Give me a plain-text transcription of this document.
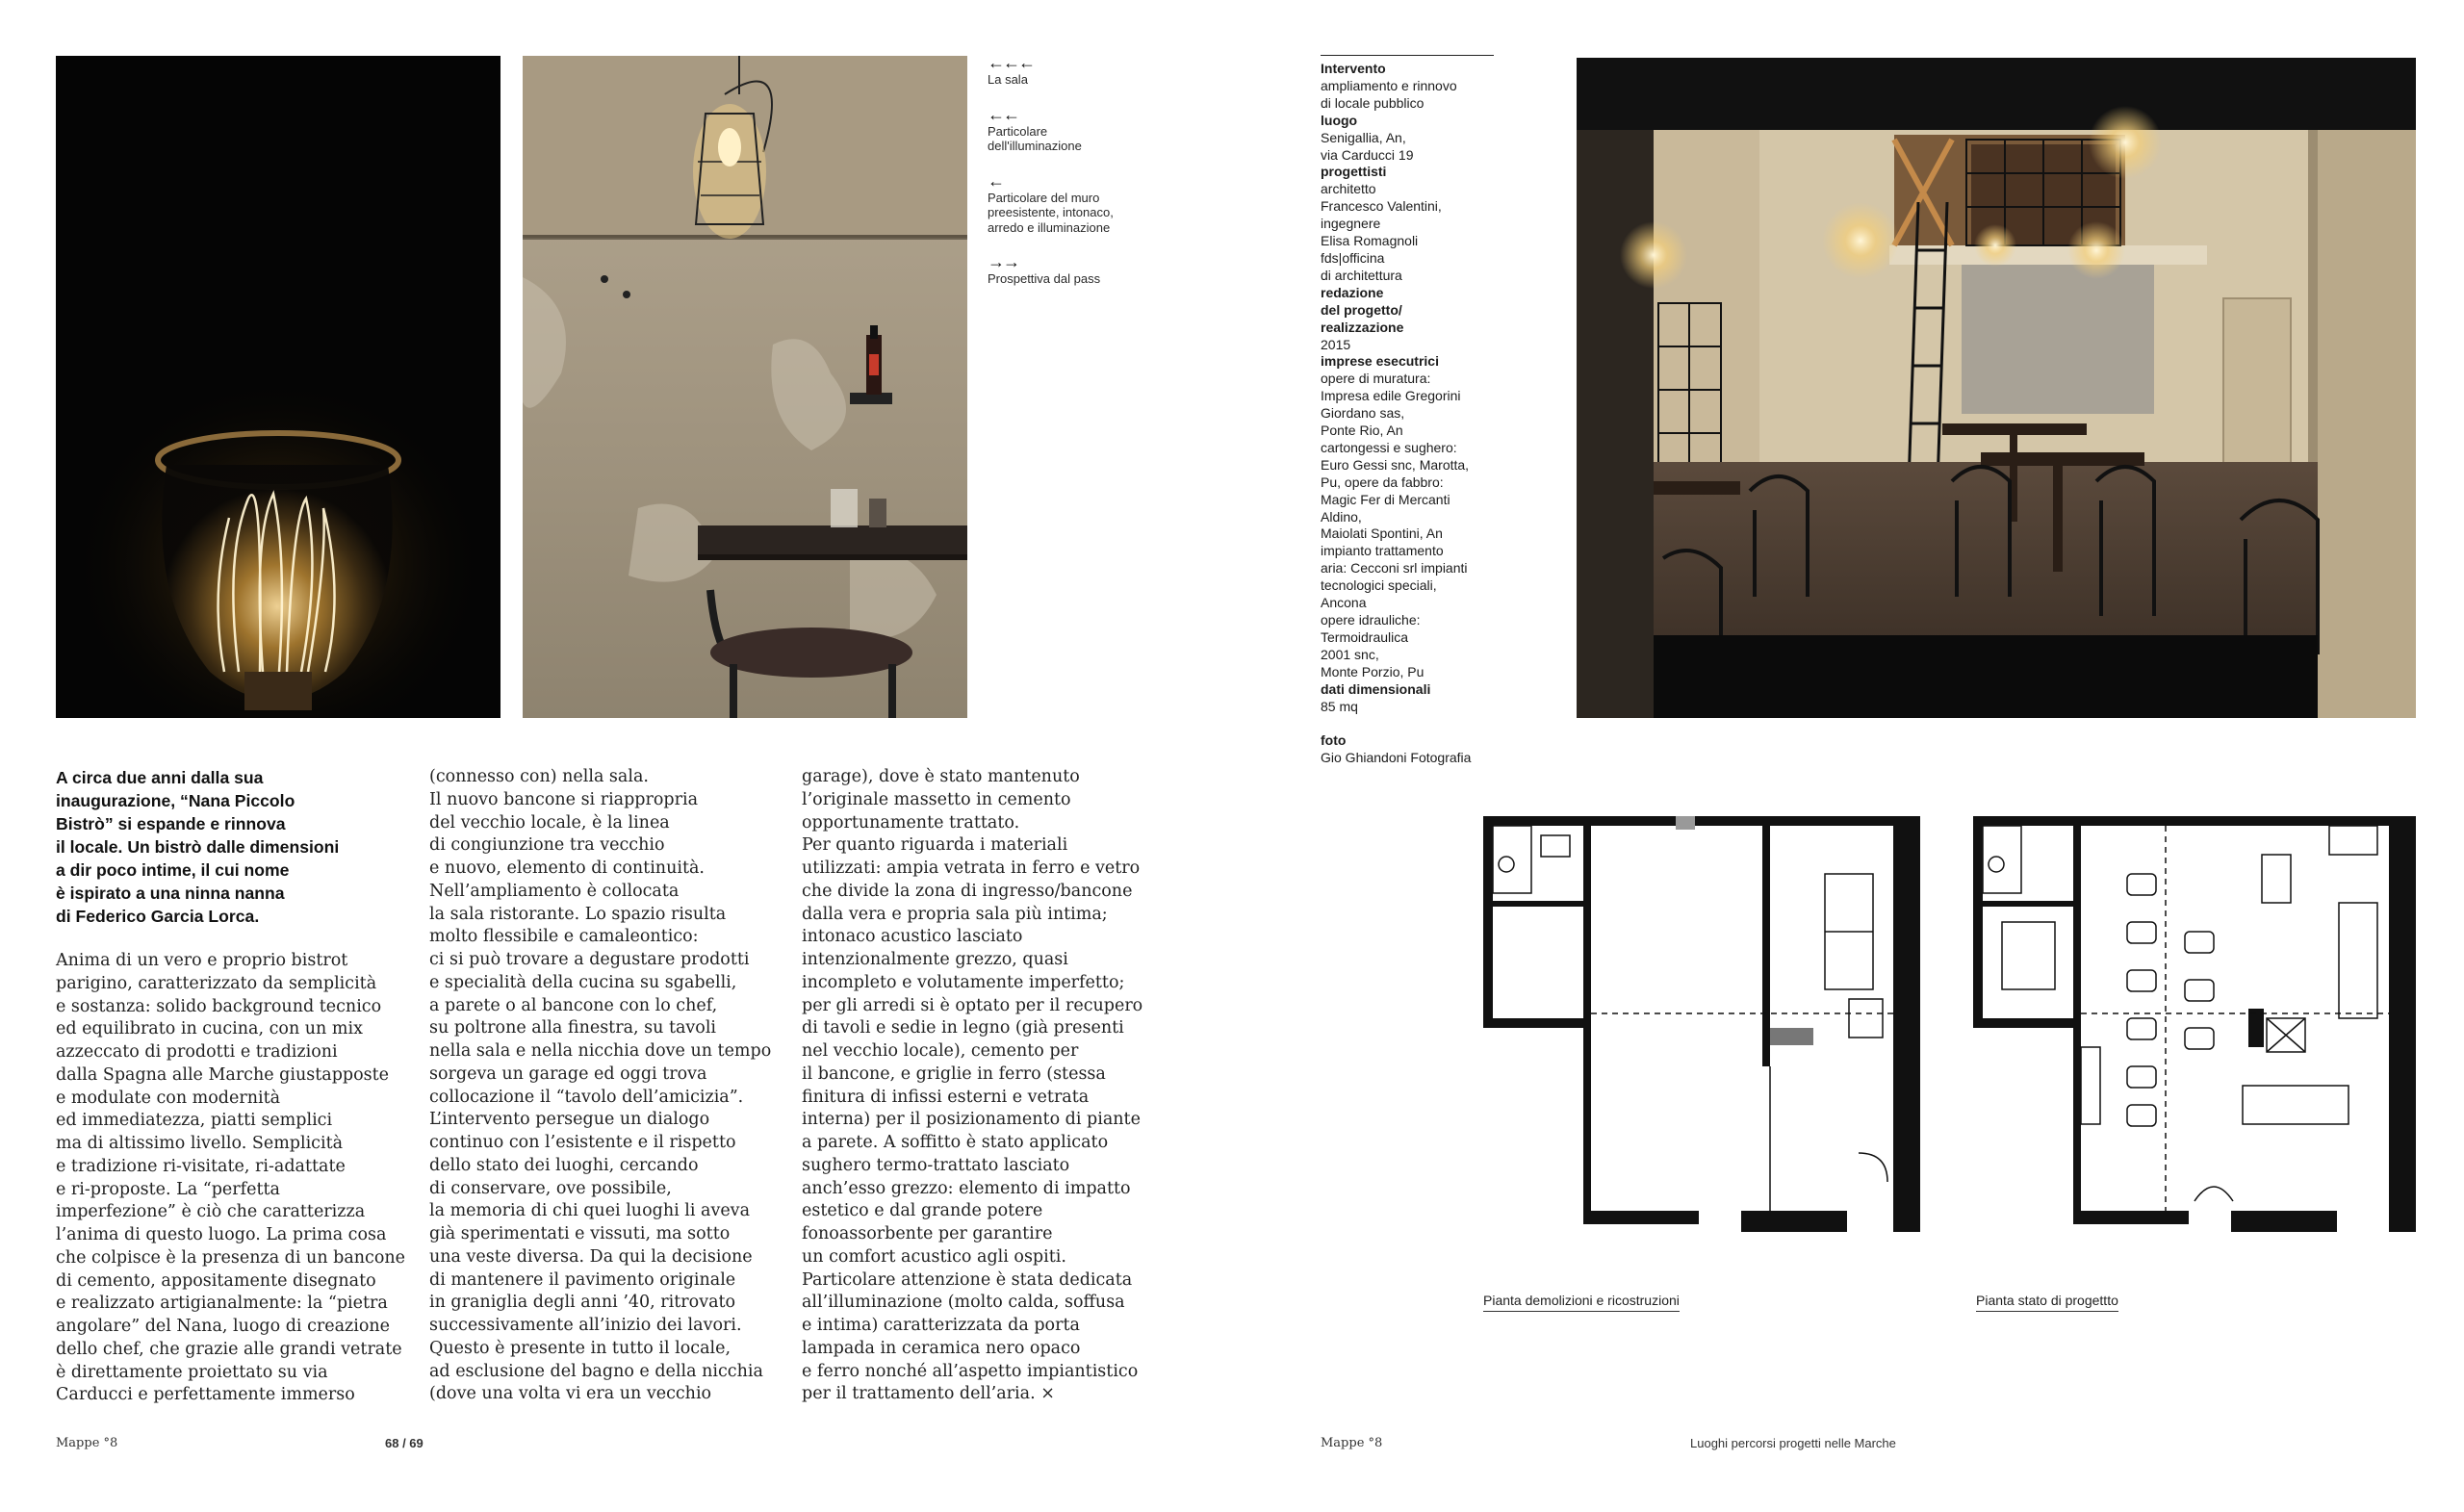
←←←
La sala
←←
Particolare
dell'illuminazione
←
Particolare del muro
preesistente, intonaco,
arredo e illuminazione
→→
Prospettiva dal pass
A circa due anni dalla sua
inaugurazione, “Nana Piccolo
Bistrò” si espande e rinnova
il locale. Un bistrò dalle dimensioni
a dir poco intime, il cui nome
è ispirato a una ninna nanna
di Federico Garcia Lorca.
Anima di un vero e proprio bistrot
parigino, caratterizzato da semplicità
e sostanza: solido background tecnico
ed equilibrato in cucina, con un mix
azzeccato di prodotti e tradizioni
dalla Spagna alle Marche giustapposte
e modulate con modernità
ed immediatezza, piatti semplici
ma di altissimo livello. Semplicità
e tradizione ri-visitate, ri-adattate
e ri-proposte. La “perfetta
imperfezione” è ciò che caratterizza
l’anima di questo luogo. La prima cosa
che colpisce è la presenza di un bancone
di cemento, appositamente disegnato
e realizzato artigianalmente: la “pietra
angolare” del Nana, luogo di creazione
dello chef, che grazie alle grandi vetrate
è direttamente proiettato su via
Carducci e perfettamente immerso
(connesso con) nella sala.
Il nuovo bancone si riappropria
del vecchio locale, è la linea
di congiunzione tra vecchio
e nuovo, elemento di continuità.
Nell’ampliamento è collocata
la sala ristorante. Lo spazio risulta
molto flessibile e camaleontico:
ci si può trovare a degustare prodotti
e specialità della cucina su sgabelli,
a parete o al bancone con lo chef,
su poltrone alla finestra, su tavoli
nella sala e nella nicchia dove un tempo
sorgeva un garage ed oggi trova
collocazione il “tavolo dell’amicizia”.
L’intervento persegue un dialogo
continuo con l’esistente e il rispetto
dello stato dei luoghi, cercando
di conservare, ove possibile,
la memoria di chi quei luoghi li aveva
già sperimentati e vissuti, ma sotto
una veste diversa. Da qui la decisione
di mantenere il pavimento originale
in graniglia degli anni ’40, ritrovato
successivamente all’inizio dei lavori.
Questo è presente in tutto il locale,
ad esclusione del bagno e della nicchia
(dove una volta vi era un vecchio
garage), dove è stato mantenuto
l’originale massetto in cemento
opportunamente trattato.
Per quanto riguarda i materiali
utilizzati: ampia vetrata in ferro e vetro
che divide la zona di ingresso/bancone
dalla vera e propria sala più intima;
intonaco acustico lasciato
intenzionalmente grezzo, quasi
incompleto e volutamente imperfetto;
per gli arredi si è optato per il recupero
di tavoli e sedie in legno (già presenti
nel vecchio locale), cemento per
il bancone, e griglie in ferro (stessa
finitura di infissi esterni e vetrata
interna) per il posizionamento di piante
a parete. A soffitto è stato applicato
sughero termo-trattato lasciato
anch’esso grezzo: elemento di impatto
estetico e dal grande potere
fonoassorbente per garantire
un comfort acustico agli ospiti.
Particolare attenzione è stata dedicata
all’illuminazione (molto calda, soffusa
e intima) caratterizzata da porta
lampada in ceramica nero opaco
e ferro nonché all’aspetto impiantistico
per il trattamento dell’aria. ×

Intervento

ampliamento e rinnovo
di locale pubblico

luogo

Senigallia, An,
via Carducci 19

progettisti

architetto
Francesco Valentini,
ingegnere
Elisa Romagnoli
fds|officina
di architettura

redazione
del progetto/
realizzazione

2015

imprese esecutrici

opere di muratura:
Impresa edile Gregorini
Giordano sas,
Ponte Rio, An
cartongessi e sughero:
Euro Gessi snc, Marotta,
Pu, opere da fabbro:
Magic Fer di Mercanti
Aldino,
Maiolati Spontini, An
impianto trattamento
aria: Cecconi srl impianti
tecnologici speciali,
Ancona
opere idrauliche:
Termoidraulica
2001 snc,
Monte Porzio, Pu

dati dimensionali

85 mq

foto

Gio Ghiandoni Fotografia

Pianta demolizioni e ricostruzioni	Pianta stato di progettto
Mappe °8	68 / 69	Mappe °8	Luoghi percorsi progetti nelle Marche
